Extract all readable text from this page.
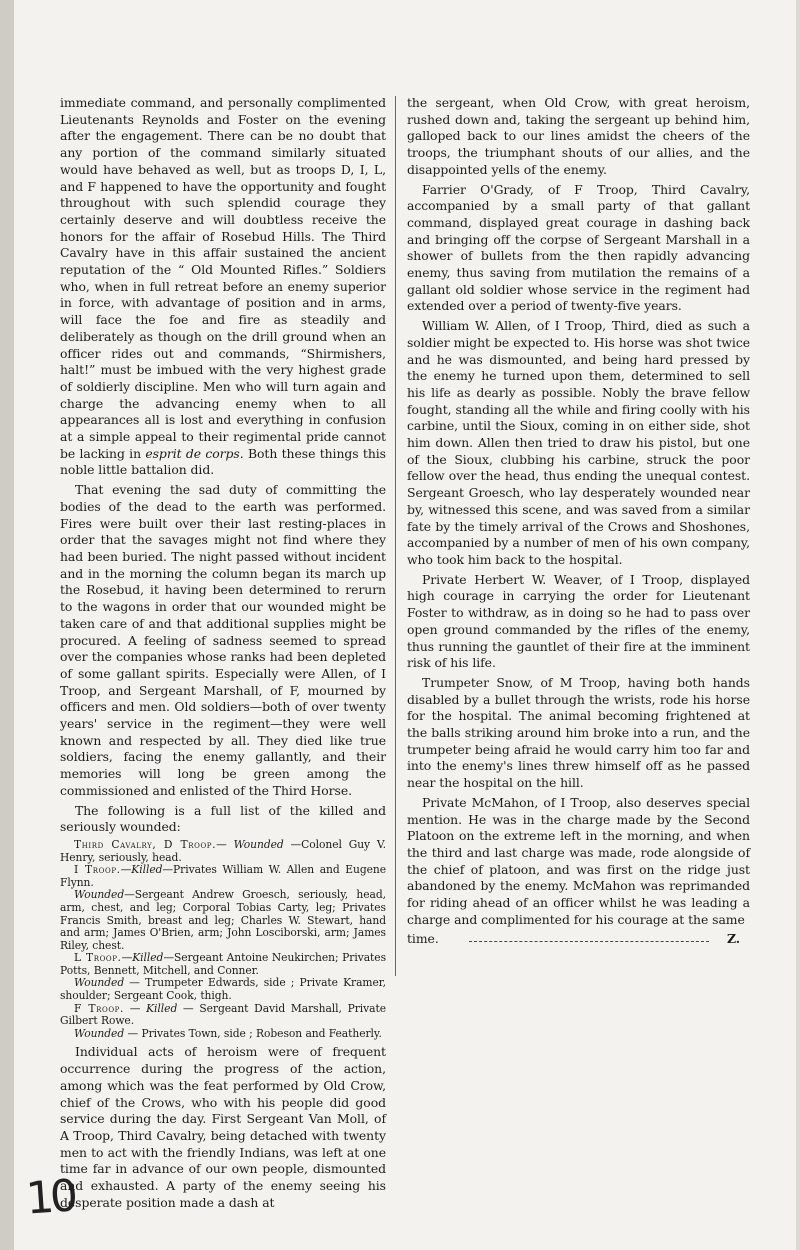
immediate command, and personally complimented Lieutenants Reynolds and Foster on the evening after the engagement. There can be no doubt that any portion of the command similarly situated would have behaved as well, but as troops D, I, L, and F happened to have the opportunity and fought throughout with such splendid courage they certainly deserve and will doubtless receive the honors for the affair of Rosebud Hills. The Third Cavalry have in this affair sustained the ancient reputation of the “ Old Mounted Rifles.” Soldiers who, when in full retreat before an enemy superior in force, with advantage of position and in arms, will face the foe and fire as steadily and deliberately as though on the drill ground when an officer rides out and commands, “Shirmishers, halt!” must be imbued with the very highest grade of soldierly discipline. Men who will turn again and charge the advancing enemy when to all appearances all is lost and everything in confusion at a simple appeal to their regimental pride cannot be lacking in esprit de corps. Both these things this noble little battalion did.

That evening the sad duty of committing the bodies of the dead to the earth was performed. Fires were built over their last resting-places in order that the savages might not find where they had been buried. The night passed without incident and in the morning the column began its march up the Rosebud, it having been determined to rerurn to the wagons in order that our wounded might be taken care of and that additional supplies might be procured. A feeling of sadness seemed to spread over the companies whose ranks had been depleted of some gallant spirits. Especially were Allen, of I Troop, and Sergeant Marshall, of F, mourned by officers and men. Old soldiers—both of over twenty years' service in the regiment—they were well known and respected by all. They died like true soldiers, facing the enemy gallantly, and their memories will long be green among the commissioned and enlisted of the Third Horse.

The following is a full list of the killed and seriously wounded:

Third Cavalry, D Troop.— Wounded —Colonel Guy V. Henry, seriously, head.

I Troop.—Killed—Privates William W. Allen and Eugene Flynn.

Wounded—Sergeant Andrew Groesch, seriously, head, arm, chest, and leg; Corporal Tobias Carty, leg; Privates Francis Smith, breast and leg; Charles W. Stewart, hand and arm; James O'Brien, arm; John Losciborski, arm; James Riley, chest.

L Troop.—Killed—Sergeant Antoine Neukirchen; Privates Potts, Bennett, Mitchell, and Conner.

Wounded — Trumpeter Edwards, side ; Private Kramer, shoulder; Sergeant Cook, thigh.

F Troop. — Killed — Sergeant David Marshall, Private Gilbert Rowe.

Wounded — Privates Town, side ; Robeson and Featherly.

Individual acts of heroism were of frequent occurrence during the progress of the action, among which was the feat performed by Old Crow, chief of the Crows, who with his people did good service during the day. First Sergeant Van Moll, of A Troop, Third Cavalry, being detached with twenty men to act with the friendly Indians, was left at one time far in advance of our own people, dismounted and exhausted. A party of the enemy seeing his desperate position made a dash at

the sergeant, when Old Crow, with great heroism, rushed down and, taking the sergeant up behind him, galloped back to our lines amidst the cheers of the troops, the triumphant shouts of our allies, and the disappointed yells of the enemy.

Farrier O'Grady, of F Troop, Third Cavalry, accompanied by a small party of that gallant command, displayed great courage in dashing back and bringing off the corpse of Sergeant Marshall in a shower of bullets from the then rapidly advancing enemy, thus saving from mutilation the remains of a gallant old soldier whose service in the regiment had extended over a period of twenty-five years.

William W. Allen, of I Troop, Third, died as such a soldier might be expected to. His horse was shot twice and he was dismounted, and being hard pressed by the enemy he turned upon them, determined to sell his life as dearly as possible. Nobly the brave fellow fought, standing all the while and firing coolly with his carbine, until the Sioux, coming in on either side, shot him down. Allen then tried to draw his pistol, but one of the Sioux, clubbing his carbine, struck the poor fellow over the head, thus ending the unequal contest. Sergeant Groesch, who lay desperately wounded near by, witnessed this scene, and was saved from a similar fate by the timely arrival of the Crows and Shoshones, accompanied by a number of men of his own company, who took him back to the hospital.

Private Herbert W. Weaver, of I Troop, displayed high courage in carrying the order for Lieutenant Foster to withdraw, as in doing so he had to pass over open ground commanded by the rifles of the enemy, thus running the gauntlet of their fire at the imminent risk of his life.

Trumpeter Snow, of M Troop, having both hands disabled by a bullet through the wrists, rode his horse for the hospital. The animal becoming frightened at the balls striking around him broke into a run, and the trumpeter being afraid he would carry him too far and into the enemy's lines threw himself off as he passed near the hospital on the hill.

Private McMahon, of I Troop, also deserves special mention. He was in the charge made by the Second Platoon on the extreme left in the morning, and when the third and last charge was made, rode alongside of the chief of platoon, and was first on the ridge just abandoned by the enemy. McMahon was reprimanded for riding ahead of an officer whilst he was leading a charge and complimented for his courage at the same

time.	Z.
10
